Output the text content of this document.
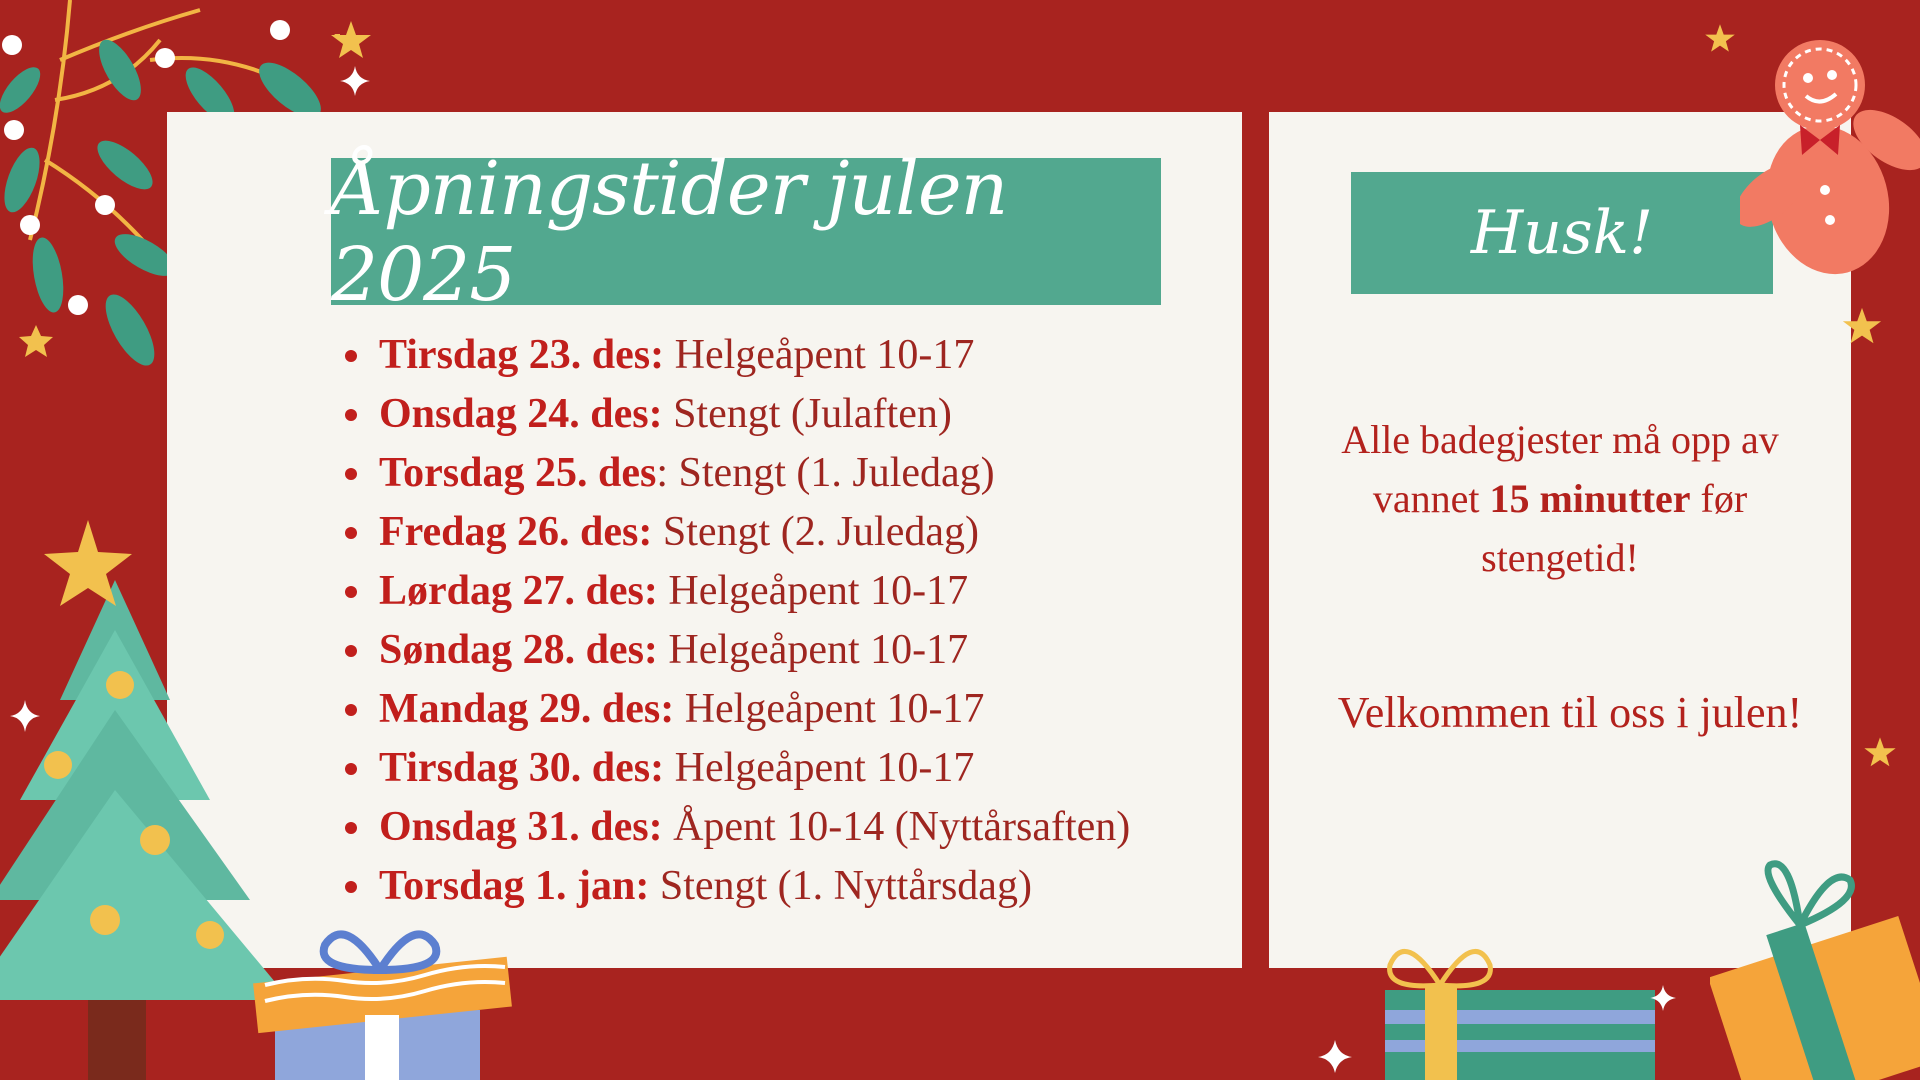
Åpningstider julen 2025
Tirsdag 23. des: Helgeåpent 10-17
Onsdag 24. des: Stengt (Julaften)
Torsdag 25. des: Stengt (1. Juledag)
Fredag 26. des: Stengt (2. Juledag)
Lørdag 27. des: Helgeåpent 10-17
Søndag 28. des: Helgeåpent 10-17
Mandag 29. des: Helgeåpent 10-17
Tirsdag 30. des: Helgeåpent 10-17
Onsdag 31. des: Åpent 10-14 (Nyttårsaften)
Torsdag 1. jan: Stengt (1. Nyttårsdag)
Husk!
Alle badegjester må opp av vannet 15 minutter før stengetid!
Velkommen til oss i julen!
